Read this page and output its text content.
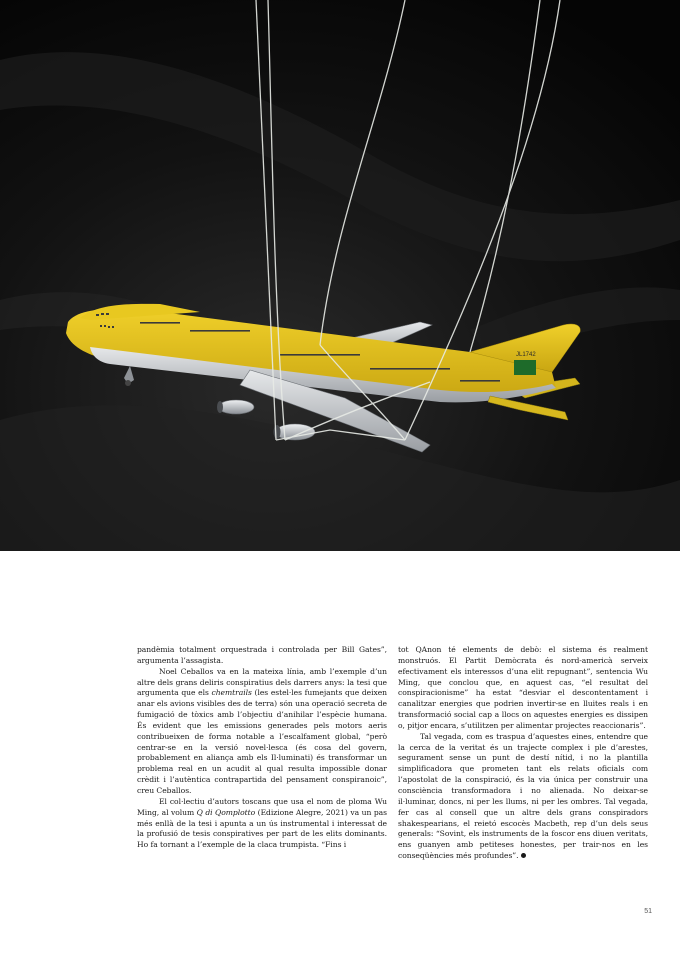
JL1742

pandèmia totalment orquestrada i controlada per Bill Gates”, argumenta l’assagista.

Noel Ceballos va en la mateixa línia, amb l’exemple d’un altre dels grans deliris conspiratius dels darrers anys: la tesi que argumenta que els chemtrails (les estel·les fumejants que deixen anar els avions visibles des de terra) són una operació secreta de fumigació de tòxics amb l’objectiu d’anihilar l’espècie humana. És evident que les emissions generades pels motors aeris contribueixen de forma notable a l’escalfament global, “però centrar-se en la versió novel·lesca (és cosa del govern, probablement en aliança amb els Il·luminati) és transformar un problema real en un acudit al qual resulta impossible donar crèdit i l’autèntica contrapartida del pensament conspiranoic”, creu Ceballos.

El col·lectiu d’autors toscans que usa el nom de ploma Wu Ming, al volum Q di Qomplotto (Edizione Alegre, 2021) va un pas més enllà de la tesi i apunta a un ús instrumental i interessat de la profusió de tesis conspiratives per part de les elits dominants. Ho fa tornant a l’exemple de la claca trumpista. “Fins i

tot QAnon té elements de debò: el sistema és realment monstruós. El Partit Demòcrata és nord-americà serveix efectivament els interessos d’una elit repugnant”, sentencia Wu Ming, que conclou que, en aquest cas, “el resultat del conspiracionisme” ha estat “desviar el descontentament i canalitzar energies que podrien invertir-se en lluites reals i en transformació social cap a llocs on aquestes energies es dissipen o, pitjor encara, s’utilitzen per alimentar projectes reaccionaris”.

Tal vegada, com es traspua d’aquestes eines, entendre que la cerca de la veritat és un trajecte complex i ple d’arestes, segurament sense un punt de destí nítid, i no la plantilla simplificadora que prometen tant els relats oficials com l’apostolat de la conspiració, és la via única per construir una consciència transformadora i no alienada. No deixar-se il·luminar, doncs, ni per les llums, ni per les ombres. Tal vegada, fer cas al consell que un altre dels grans conspiradors shakespearians, el reietó escocès Macbeth, rep d’un dels seus generals: “Sovint, els instruments de la foscor ens diuen veritats, ens guanyen amb petiteses honestes, per trair-nos en les conseqüències més profundes”.

51
